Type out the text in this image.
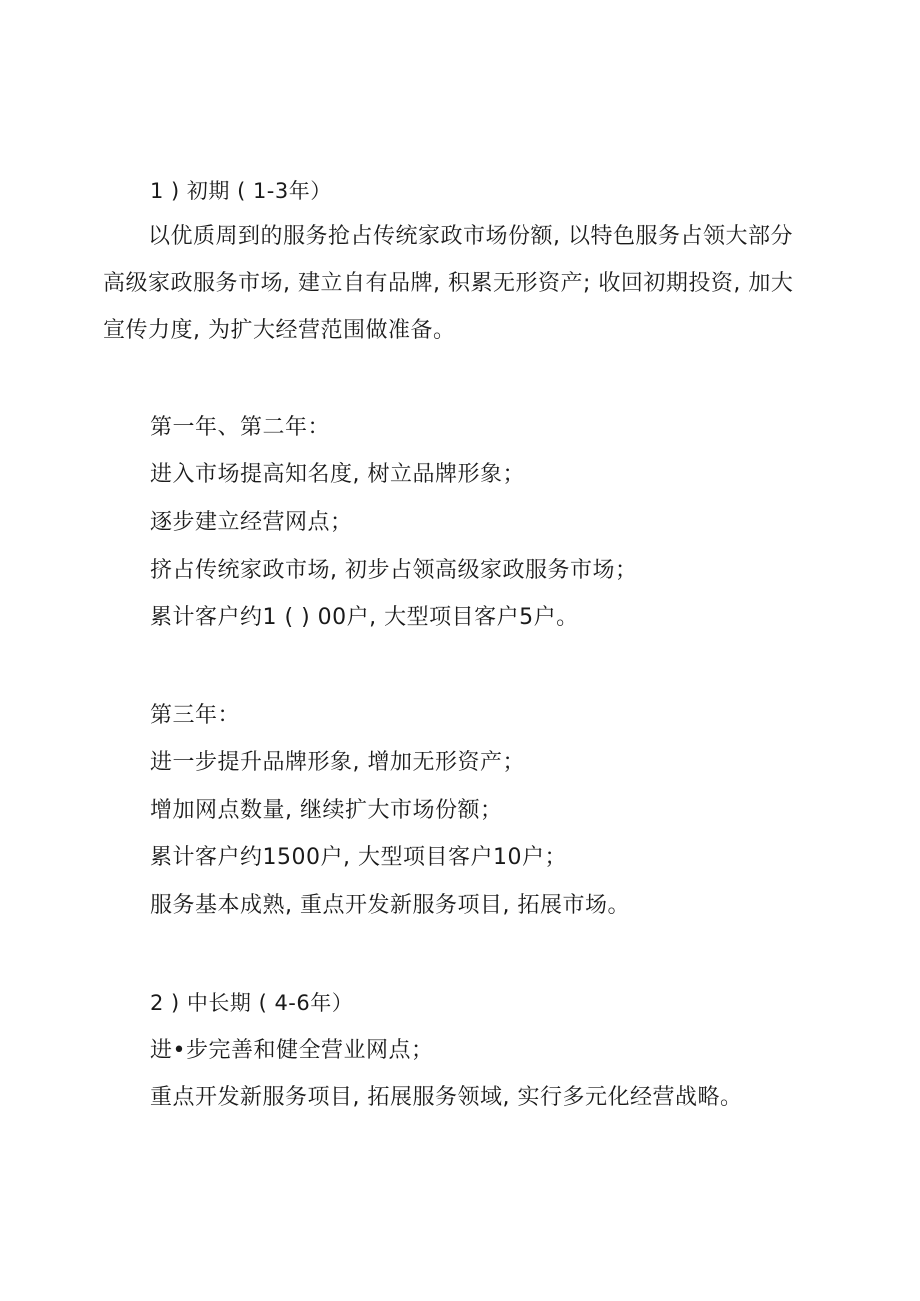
1 ) 初期 ( 1-3年）
　　以优质周到的服务抢占传统家政市场份额, 以特色服务占领大部分
高级家政服务市场, 建立自有品牌, 积累无形资产; 收回初期投资, 加大
宣传力度, 为扩大经营范围做准备。
第一年、第二年：
进入市场提高知名度, 树立品牌形象；
逐步建立经营网点；
挤占传统家政市场, 初步占领高级家政服务市场；
累计客户约1 ( ) 00户, 大型项目客户5户。
第三年：
进一步提升品牌形象, 增加无形资产；
增加网点数量, 继续扩大市场份额；
累计客户约1500户, 大型项目客户10户；
服务基本成熟, 重点开发新服务项目, 拓展市场。
2 ) 中长期 ( 4-6年）
进•步完善和健全营业网点；
重点开发新服务项目, 拓展服务领域, 实行多元化经营战略。
